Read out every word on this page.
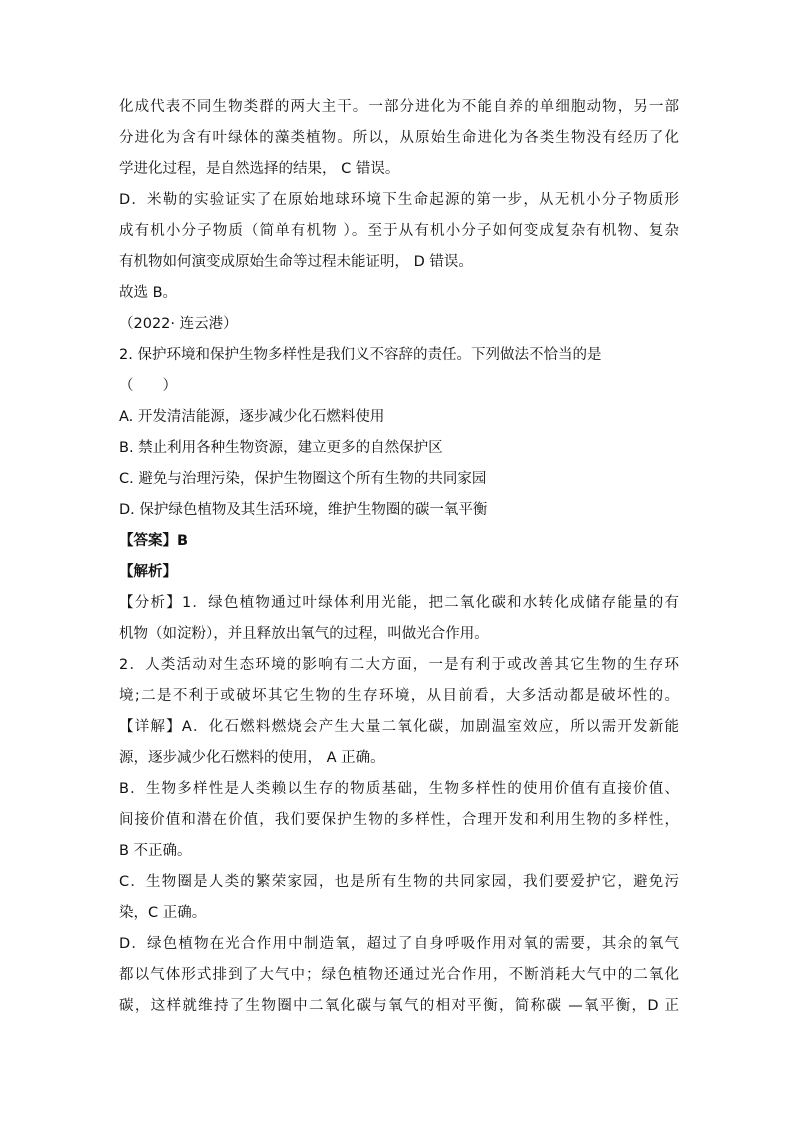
化成代表不同生物类群的两大主干。一部分进化为不能自养的单细胞动物，另一部
分进化为含有叶绿体的藻类植物。所以，从原始生命进化为各类生物没有经历了化
学进化过程，是自然选择的结果， C 错误。
D．米勒的实验证实了在原始地球环境下生命起源的第一步，从无机小分子物质形
成有机小分子物质（简单有机物 ）。至于从有机小分子如何变成复杂有机物、复杂
有机物如何演变成原始生命等过程未能证明， D 错误。
故选 B。
（2022· 连云港）
2. 保护环境和保护生物多样性是我们义不容辞的责任。下列做法不恰当的是
（　　）
A. 开发清洁能源，逐步减少化石燃料使用
B. 禁止利用各种生物资源，建立更多的自然保护区
C. 避免与治理污染，保护生物圈这个所有生物的共同家园
D. 保护绿色植物及其生活环境，维护生物圈的碳一氧平衡
【答案】B
【解析】
【分析】1．绿色植物通过叶绿体利用光能，把二氧化碳和水转化成储存能量的有
机物（如淀粉），并且释放出氧气的过程，叫做光合作用。
2．人类活动对生态环境的影响有二大方面，一是有利于或改善其它生物的生存环
境;二是不利于或破坏其它生物的生存环境，从目前看，大多活动都是破坏性的。
【详解】A．化石燃料燃烧会产生大量二氧化碳，加剧温室效应，所以需开发新能
源，逐步减少化石燃料的使用， A 正确。
B．生物多样性是人类赖以生存的物质基础，生物多样性的使用价值有直接价值、
间接价值和潜在价值，我们要保护生物的多样性，合理开发和利用生物的多样性，
B 不正确。
C．生物圈是人类的繁荣家园，也是所有生物的共同家园，我们要爱护它，避免污
染，C 正确。
D．绿色植物在光合作用中制造氧，超过了自身呼吸作用对氧的需要，其余的氧气
都以气体形式排到了大气中；绿色植物还通过光合作用，不断消耗大气中的二氧化
碳，这样就维持了生物圈中二氧化碳与氧气的相对平衡，简称碳 —氧平衡，D 正
